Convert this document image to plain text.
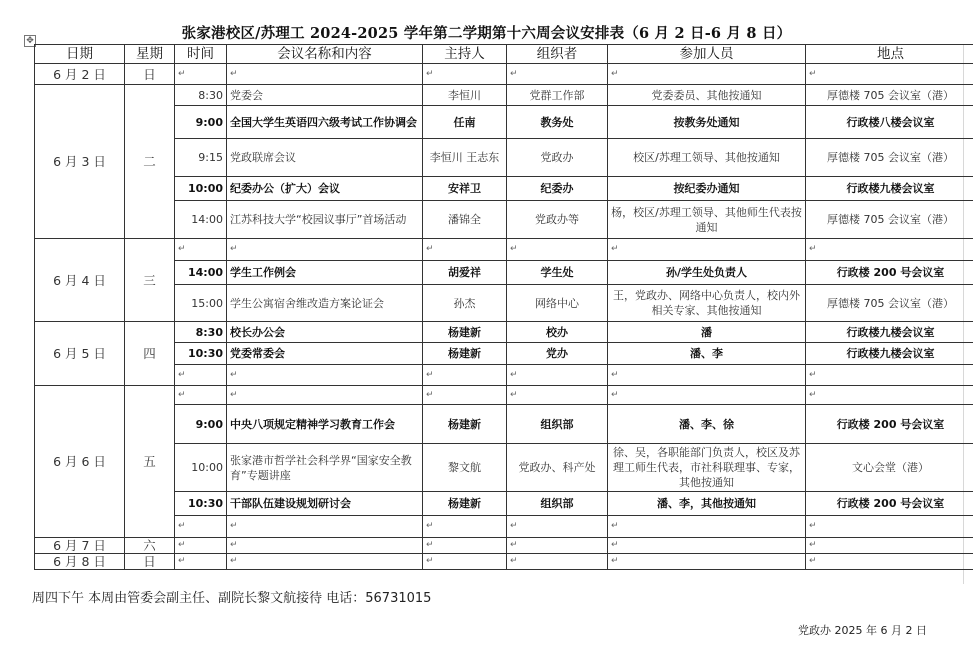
张家港校区/苏理工 2024-2025 学年第二学期第十六周会议安排表（6 月 2 日-6 月 8 日）
✥
日期	星期	时间	会议名称和内容	主持人	组织者	参加人员	地点
6 月 2 日	日	↵	↵	↵	↵	↵	↵
6 月 3 日	二	8:30	党委会	李恒川	党群工作部	党委委员、其他按通知	厚德楼 705 会议室（港）
		9:00	全国大学生英语四六级考试工作协调会	任南	教务处	按教务处通知	行政楼八楼会议室
		9:15	党政联席会议	李恒川 王志东	党政办	校区/苏理工领导、其他按通知	厚德楼 705 会议室（港）
		10:00	纪委办公（扩大）会议	安祥卫	纪委办	按纪委办通知	行政楼九楼会议室
		14:00	江苏科技大学“校园议事厅”首场活动	潘锦全	党政办等	杨，校区/苏理工领导、其他师生代表按通知	厚德楼 705 会议室（港）
6 月 4 日	三	↵	↵	↵	↵	↵	↵
		14:00	学生工作例会	胡爱祥	学生处	孙/学生处负责人	行政楼 200 号会议室
		15:00	学生公寓宿舍维改造方案论证会	孙杰	网络中心	王，党政办、网络中心负责人，校内外相关专家、其他按通知	厚德楼 705 会议室（港）
6 月 5 日	四	8:30	校长办公会	杨建新	校办	潘	行政楼九楼会议室
		10:30	党委常委会	杨建新	党办	潘、李	行政楼九楼会议室
		↵	↵	↵	↵	↵	↵
6 月 6 日	五	↵	↵	↵	↵	↵	↵
		9:00	中央八项规定精神学习教育工作会	杨建新	组织部	潘、李、徐	行政楼 200 号会议室
		10:00	张家港市哲学社会科学界“国家安全教育”专题讲座	黎文航	党政办、科产处	徐、吴，各职能部门负责人，校区及苏理工师生代表，市社科联理事、专家，其他按通知	文心会堂（港）
		10:30	干部队伍建设规划研讨会	杨建新	组织部	潘、李，其他按通知	行政楼 200 号会议室
		↵	↵	↵	↵	↵	↵
6 月 7 日	六	↵	↵	↵	↵	↵	↵
6 月 8 日	日	↵	↵	↵	↵	↵	↵
周四下午 本周由管委会副主任、副院长黎文航接待 电话：56731015
党政办 2025 年 6 月 2 日
